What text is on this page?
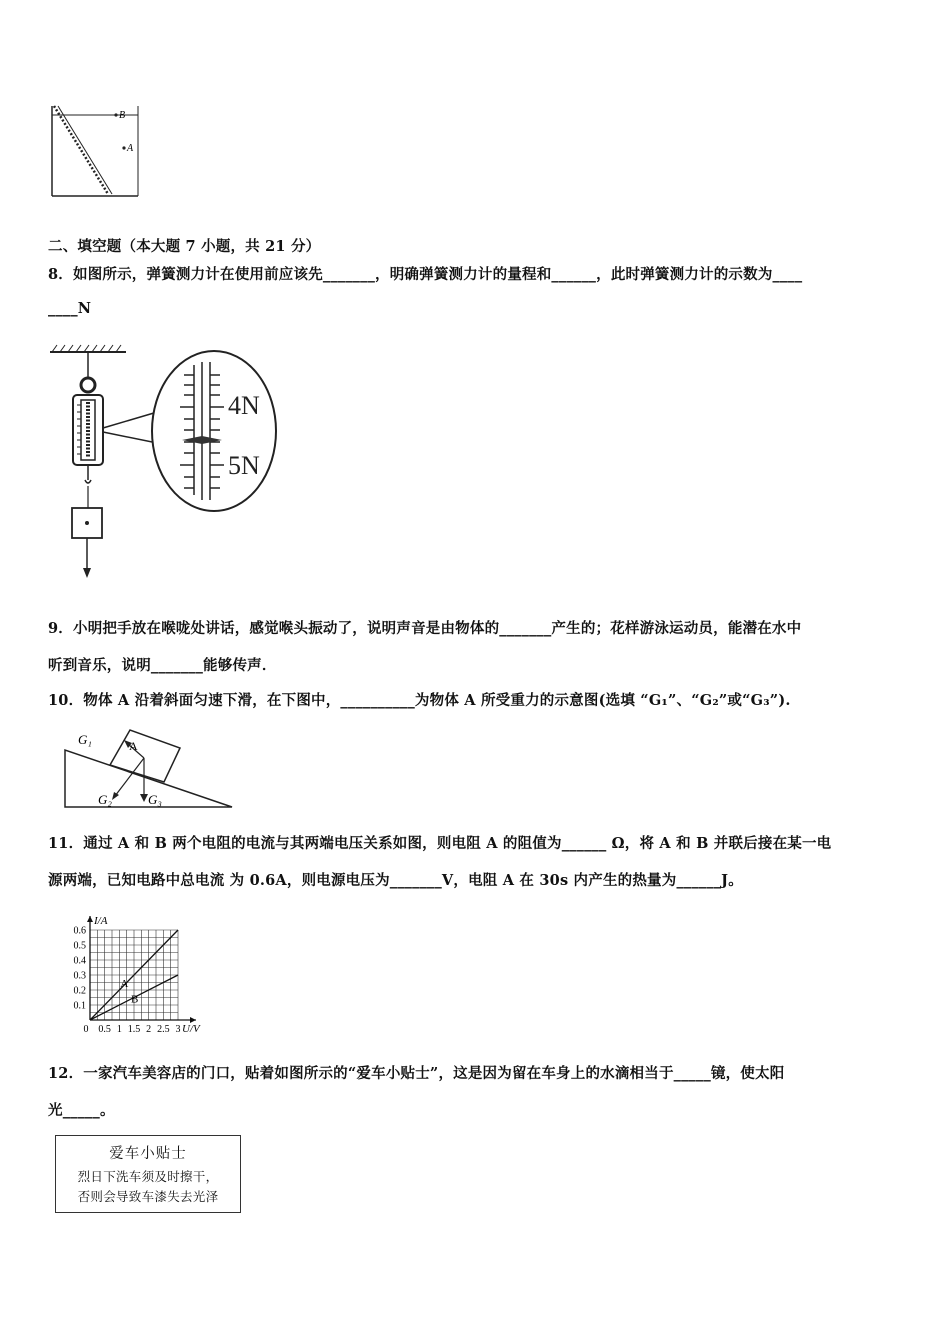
B
A
二、填空题（本大题 7 小题，共 21 分）
8．如图所示，弹簧测力计在使用前应该先_______，明确弹簧测力计的量程和______，此时弹簧测力计的示数为____
____N
4N
5N
9．小明把手放在喉咙处讲话，感觉喉头振动了，说明声音是由物体的_______产生的；花样游泳运动员，能潜在水中
听到音乐，说明_______能够传声．
10．物体 A 沿着斜面匀速下滑，在下图中，__________为物体 A 所受重力的示意图(选填 “G₁”、“G₂”或“G₃”).
G₁	A
G₂	G₃
11．通过 A 和 B 两个电阻的电流与其两端电压关系如图，则电阻 A 的阻值为______ Ω，将 A 和 B 并联后接在某一电
源两端，已知电路中总电流 为 0.6A，则电源电压为_______V，电阻 A 在 30s 内产生的热量为______J。
A
B
0.1
0.2
0.3
0.4
0.5
0.6
0.5 1 1.5 2 2.5 3
0
I/A
U/V
12．一家汽车美容店的门口，贴着如图所示的“爱车小贴士”，这是因为留在车身上的水滴相当于_____镜，使太阳
光_____。
爱车小贴士
烈日下洗车须及时擦干，
否则会导致车漆失去光泽
